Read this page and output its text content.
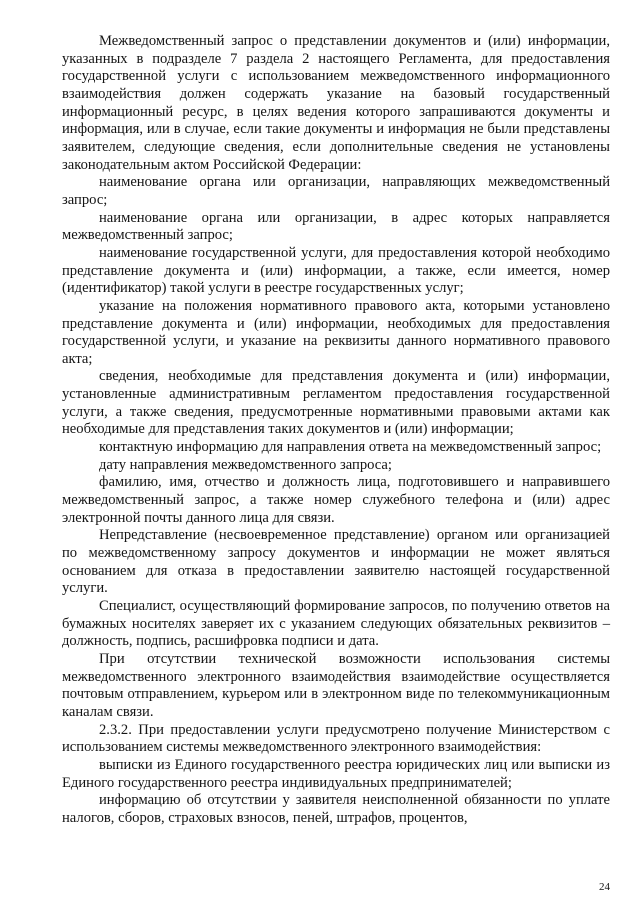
Межведомственный запрос о представлении документов и (или) информации, указанных в подразделе 7 раздела 2 настоящего Регламента, для предоставления государственной услуги с использованием межведомственного информационного взаимодействия должен содержать указание на базовый государственный информационный ресурс, в целях ведения которого запрашиваются документы и информация, или в случае, если такие документы и информация не были представлены заявителем, следующие сведения, если дополнительные сведения не установлены законодательным актом Российской Федерации:

наименование органа или организации, направляющих межведомственный запрос;

наименование органа или организации, в адрес которых направляется межведомственный запрос;

наименование государственной услуги, для предоставления которой необходимо представление документа и (или) информации, а также, если имеется, номер (идентификатор) такой услуги в реестре государственных услуг;

указание на положения нормативного правового акта, которыми установлено представление документа и (или) информации, необходимых для предоставления государственной услуги, и указание на реквизиты данного нормативного правового акта;

сведения, необходимые для представления документа и (или) информации, установленные административным регламентом предоставления государственной услуги, а также сведения, предусмотренные нормативными правовыми актами как необходимые для представления таких документов и (или) информации;

контактную информацию для направления ответа на межведомственный запрос;

дату направления межведомственного запроса;

фамилию, имя, отчество и должность лица, подготовившего и направившего межведомственный запрос, а также номер служебного телефона и (или) адрес электронной почты данного лица для связи.

Непредставление (несвоевременное представление) органом или организацией по межведомственному запросу документов и информации не может являться основанием для отказа в предоставлении заявителю настоящей государственной услуги.

Специалист, осуществляющий формирование запросов, по получению ответов на бумажных носителях заверяет их с указанием следующих обязательных реквизитов – должность, подпись, расшифровка подписи и дата.

При отсутствии технической возможности использования системы межведомственного электронного взаимодействия взаимодействие осуществляется почтовым отправлением, курьером или в электронном виде по телекоммуникационным каналам связи.

2.3.2. При предоставлении услуги предусмотрено получение Министерством с использованием системы межведомственного электронного взаимодействия:

выписки из Единого государственного реестра юридических лиц или выписки из Единого государственного реестра индивидуальных предпринимателей;

информацию об отсутствии у заявителя неисполненной обязанности по уплате налогов, сборов, страховых взносов, пеней, штрафов, процентов,

24
